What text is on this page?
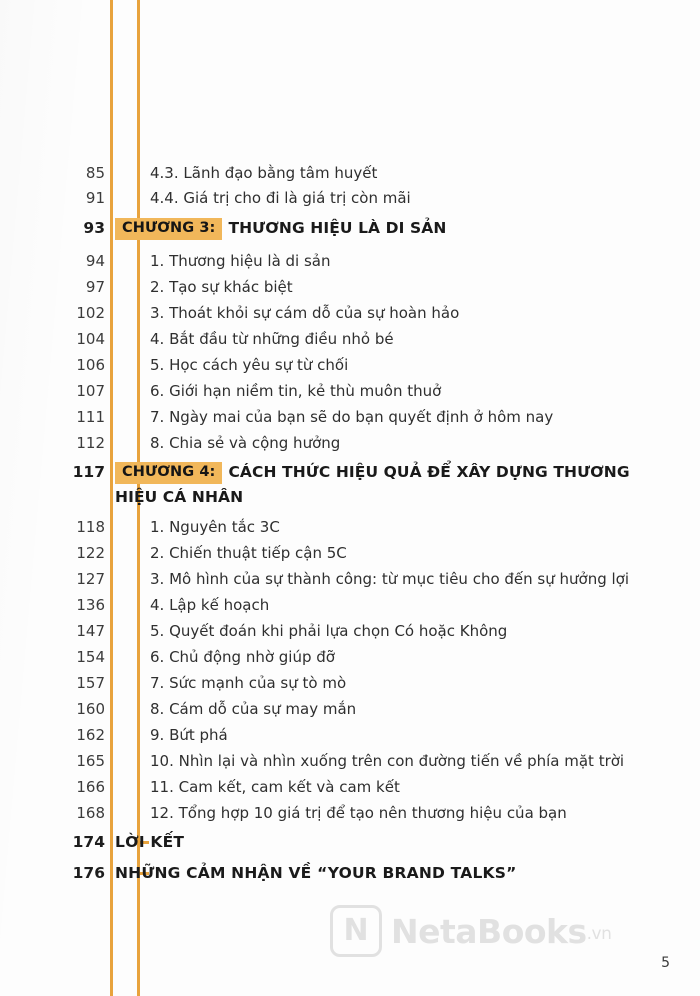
85	4.3. Lãnh đạo bằng tâm huyết
91	4.4. Giá trị cho đi là giá trị còn mãi
93	CHƯƠNG 3: THƯƠNG HIỆU LÀ DI SẢN
94	1. Thương hiệu là di sản
97	2. Tạo sự khác biệt
102	3. Thoát khỏi sự cám dỗ của sự hoàn hảo
104	4. Bắt đầu từ những điều nhỏ bé
106	5. Học cách yêu sự từ chối
107	6. Giới hạn niềm tin, kẻ thù muôn thuở
111	7. Ngày mai của bạn sẽ do bạn quyết định ở hôm nay
112	8. Chia sẻ và cộng hưởng
117	CHƯƠNG 4: CÁCH THỨC HIỆU QUẢ ĐỂ XÂY DỰNG THƯƠNG
HIỆU CÁ NHÂN
118	1. Nguyên tắc 3C
122	2. Chiến thuật tiếp cận 5C
127	3. Mô hình của sự thành công: từ mục tiêu cho đến sự hưởng lợi
136	4. Lập kế hoạch
147	5. Quyết đoán khi phải lựa chọn Có hoặc Không
154	6. Chủ động nhờ giúp đỡ
157	7. Sức mạnh của sự tò mò
160	8. Cám dỗ của sự may mắn
162	9. Bứt phá
165	10. Nhìn lại và nhìn xuống trên con đường tiến về phía mặt trời
166	11. Cam kết, cam kết và cam kết
168	12. Tổng hợp 10 giá trị để tạo nên thương hiệu của bạn
174 LỜI KẾT
176 NHỮNG CẢM NHẬN VỀ “YOUR BRAND TALKS”
N NetaBooks.vn
5
